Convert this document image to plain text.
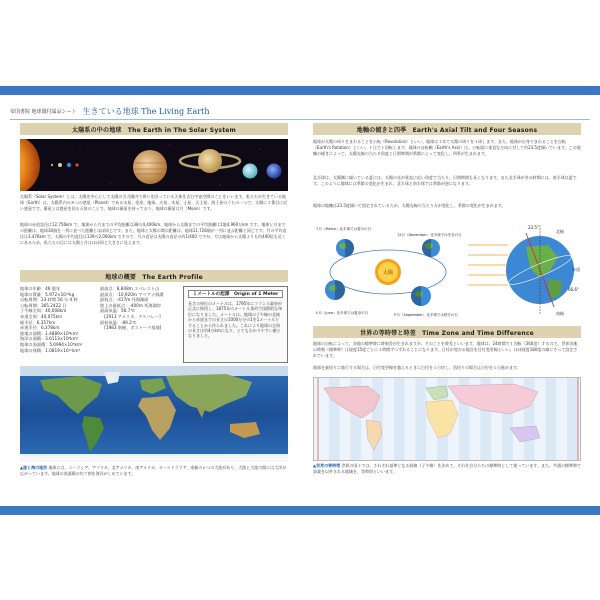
帝国書院 地球儀付属品シート 生きている地球 The Living Earth
太陽系の中の地球　The Earth in The Solar System
太陽系（Solar System）とは、太陽を中心として太陽の引力圏内で周りを回っている天体を含む宇宙空間のことをいいます。私たちが生きている地球（Earth）は、太陽系内の８つの惑星（Planet）である水星、金星、地球、火星、木星、土星、天王星、海王星のうちの一つで、太陽に３番目に近い惑星です。衛星とは惑星を回る天体のことで、地球の衛星を持っており、地球の衛星は月（Moon）です。
地球の赤道直径は12,756km で、地球から月までの平均距離は38万4,400km、地球から太陽までの平均距離は1億4,960万km です。地球と月までの距離は、地球30個を一列に並べた距離とほぼ同じです。また、地球と太陽の間の距離は、地球11,728個が一列に並ぶ距離と同じです。月の平均直径は3,476km で、太陽の平均直径は139万2,000km ですので、月の直径は太陽の直径の約1/400 ですが、月は地球から太陽よりも約400倍も近くにあるため、私たちの目には太陽と月はほぼ同じ大きさに見えます。
地球の概要　The Earth Profile
地球の年齢：46 億年
地球の質量：5.972×10²⁴kg
自転周期：23 時間 56 分 4 秒
公転周期：365.2422 日
子午線全周：40,008km
赤道全周：40,075km
極半径：6,357km
赤道半径：6,378km
陸地の面積：1.4889×10⁸km²
海洋の面積：3.6113×10⁸km²
地球の表面積：5.0994×10⁸km²
地球の体積：1.0819×10¹²km³
最高点：8,848m エベレスト山
最深点：-10,920m マリアナ海溝
最低点：-417m 死海湖面
陸上の最低点：-400m 死海湖岸
最高気温：56.7℃
　[1913 アメリカ、デスバレー]
最低気温：-89.2℃
　[1983 南極、ボストーク基地]
１メートルの起源　Origin of 1 Meter
長さの単位のメートルは、1795年にフランス政府が正式に採用し、1875年のメートル条約で国際的な単位になりました。メートルは、地球の子午線の北極から赤道までの長さの1000万分の1を1メートルとすることから作られました。これにより地球の全周の長さは約4万kmになり、とてもわかりやすい値となりました。
▲陸と海の地形 地球には、ユーラシア、アフリカ、北アメリカ、南アメリカ、オーストラリア、南極の６つの大陸があり、大陸と大陸の間には大洋が広がっています。地球の表面積の約７割を海洋がしめています。
地軸の傾きと四季　Earth's Axial Tilt and Four Seasons
地球が太陽の周りをまわることを公転（Revolution）といい、地球は１年で太陽の周りを１周します。また、地球が自身でまわることを自転（Earth's Rotation）といい、１日で１回転します。地球の自転軸（Earth's Axis）は、公転面に垂直な方向に対して約23.5度傾いています。この地軸の傾きによって、太陽光線の当たる角度と日照時間が季節によって変化し、四季が生まれます。
北半球は、太陽側に傾いている夏には、太陽の光が垂直に近い角度で当たり、日照時間も長くなります。また北半球が冬の時期には、南半球は夏です。このように地球には季節の変化が生まれ、北半球と南半球では季節が逆になります。
地球の地軸は23.5度傾いて固定されているため、太陽光線の当たり方が変化し、季節の変化が生まれます。
太陽
３月（March）北半球では春分の日
12月（December）北半球では冬至の日
６月（June）北半球では夏至の日	９月（September）北半球では秋分の日
北極
南極
赤道
23.5°
66.6°
世界の等時帯と時差　Time Zone and Time Difference
地球の自転によって、各地の標準時に時刻差が生まれますが、そのことを時差といいます。地球は、24時間で１回転（360度）するので、世界各地の時刻（標準時）は経度15度ごとに１時間ずつずれることになります。日付が変わる地点を日付変更線といい、ほぼ経度180度の線にそって設定されています。
地球を東回りに旅行する場合は、日付変更線を越えるときに日付を１日戻し、西回りの場合は日付を１日進めます。
▲世界の等時帯 世界の国々では、それぞれ基準となる経線（子午線）を決めて、それを自分たちの標準時として使っています。また、共通の標準時で事業を以外される地域を、等時帯といいます。
